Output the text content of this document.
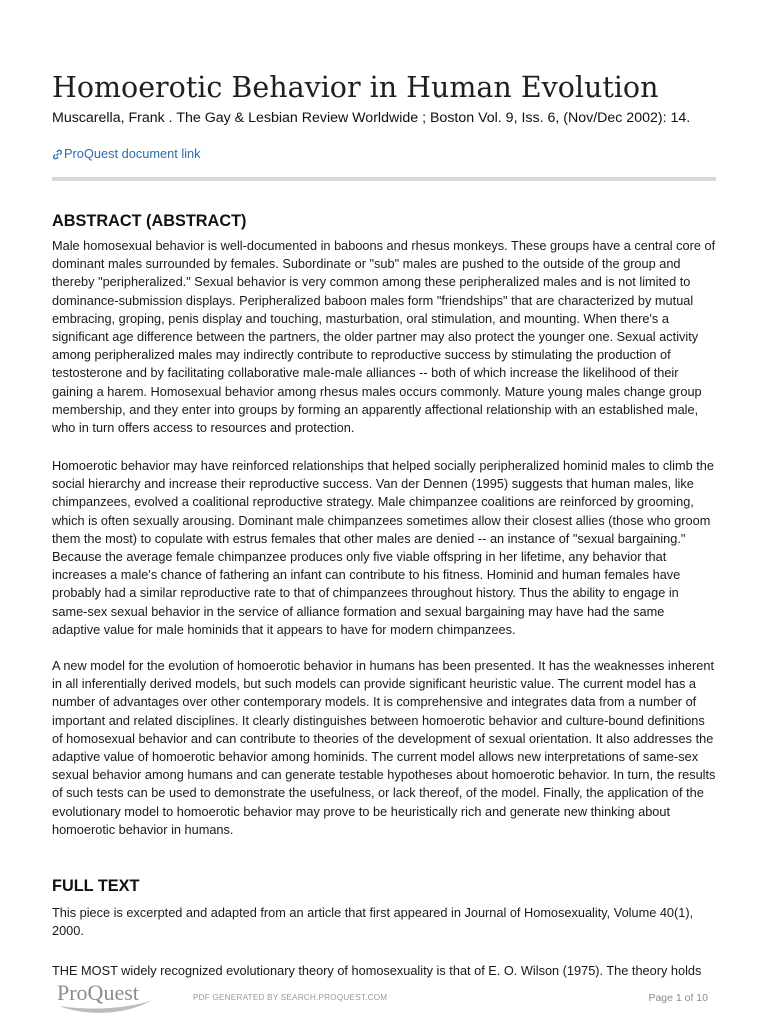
Homoerotic Behavior in Human Evolution
Muscarella, Frank . The Gay & Lesbian Review Worldwide ; Boston Vol. 9, Iss. 6, (Nov/Dec 2002): 14.
ProQuest document link
ABSTRACT (ABSTRACT)

Male homosexual behavior is well-documented in baboons and rhesus monkeys. These groups have a central core of dominant males surrounded by females. Subordinate or "sub" males are pushed to the outside of the group and thereby "peripheralized." Sexual behavior is very common among these peripheralized males and is not limited to dominance-submission displays. Peripheralized baboon males form "friendships" that are characterized by mutual embracing, groping, penis display and touching, masturbation, oral stimulation, and mounting. When there's a significant age difference between the partners, the older partner may also protect the younger one. Sexual activity among peripheralized males may indirectly contribute to reproductive success by stimulating the production of testosterone and by facilitating collaborative male-male alliances -- both of which increase the likelihood of their gaining a harem. Homosexual behavior among rhesus males occurs commonly. Mature young males change group membership, and they enter into groups by forming an apparently affectional relationship with an established male, who in turn offers access to resources and protection.

Homoerotic behavior may have reinforced relationships that helped socially peripheralized hominid males to climb the social hierarchy and increase their reproductive success. Van der Dennen (1995) suggests that human males, like chimpanzees, evolved a coalitional reproductive strategy. Male chimpanzee coalitions are reinforced by grooming, which is often sexually arousing. Dominant male chimpanzees sometimes allow their closest allies (those who groom them the most) to copulate with estrus females that other males are denied -- an instance of "sexual bargaining." Because the average female chimpanzee produces only five viable offspring in her lifetime, any behavior that increases a male's chance of fathering an infant can contribute to his fitness. Hominid and human females have probably had a similar reproductive rate to that of chimpanzees throughout history. Thus the ability to engage in same-sex sexual behavior in the service of alliance formation and sexual bargaining may have had the same adaptive value for male hominids that it appears to have for modern chimpanzees.

A new model for the evolution of homoerotic behavior in humans has been presented. It has the weaknesses inherent in all inferentially derived models, but such models can provide significant heuristic value. The current model has a number of advantages over other contemporary models. It is comprehensive and integrates data from a number of important and related disciplines. It clearly distinguishes between homoerotic behavior and culture-bound definitions of homosexual behavior and can contribute to theories of the development of sexual orientation. It also addresses the adaptive value of homoerotic behavior among hominids. The current model allows new interpretations of same-sex sexual behavior among humans and can generate testable hypotheses about homoerotic behavior. In turn, the results of such tests can be used to demonstrate the usefulness, or lack thereof, of the model. Finally, the application of the evolutionary model to homoerotic behavior may prove to be heuristically rich and generate new thinking about homoerotic behavior in humans.

FULL TEXT

This piece is excerpted and adapted from an article that first appeared in Journal of Homosexuality, Volume 40(1), 2000.

THE MOST widely recognized evolutionary theory of homosexuality is that of E. O. Wilson (1975). The theory holds

ProQuest	PDF GENERATED BY SEARCH.PROQUEST.COM	Page 1 of 10
